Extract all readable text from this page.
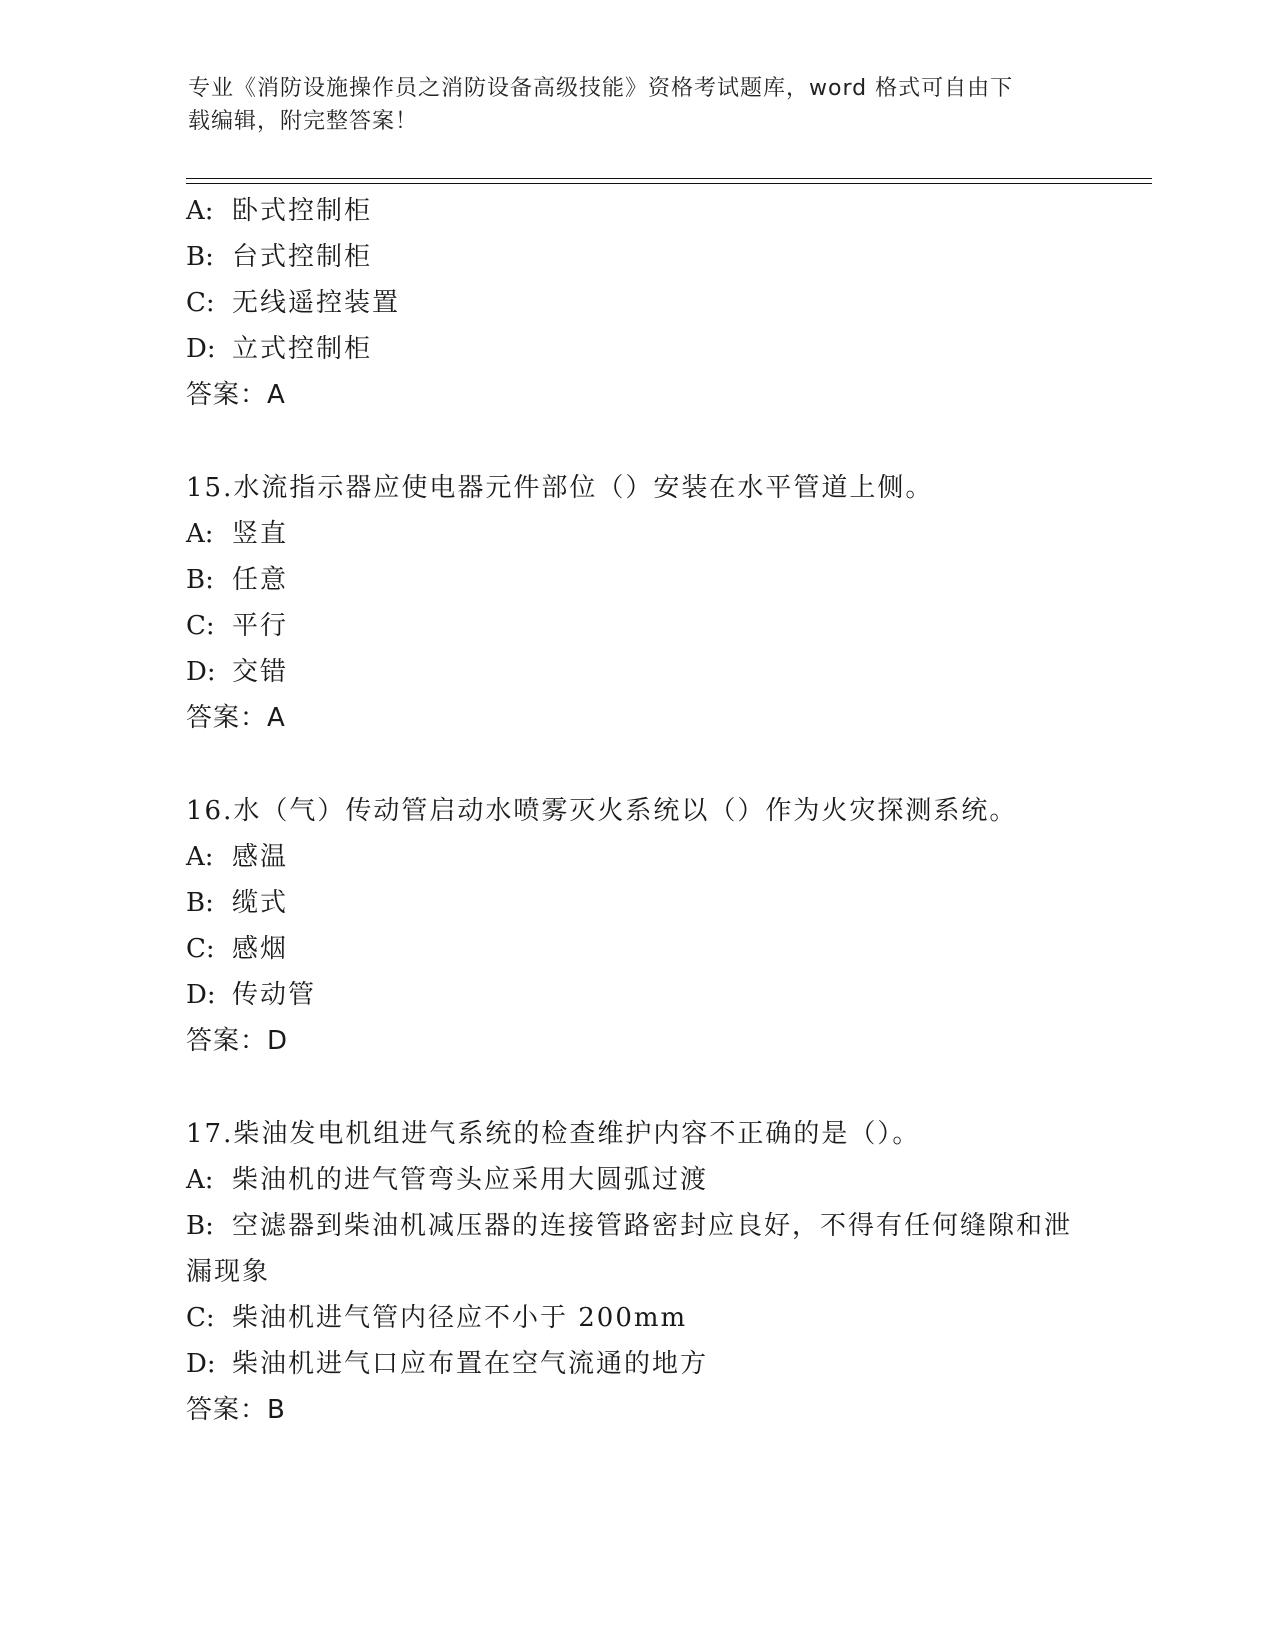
专业《消防设施操作员之消防设备高级技能》资格考试题库，word 格式可自由下
载编辑，附完整答案！
A: 卧式控制柜
B: 台式控制柜
C: 无线遥控装置
D: 立式控制柜
答案：A
15.水流指示器应使电器元件部位（）安装在水平管道上侧。
A: 竖直
B: 任意
C: 平行
D: 交错
答案：A
16.水（气）传动管启动水喷雾灭火系统以（）作为火灾探测系统。
A: 感温
B: 缆式
C: 感烟
D: 传动管
答案：D
17.柴油发电机组进气系统的检查维护内容不正确的是（）。
A: 柴油机的进气管弯头应采用大圆弧过渡
B: 空滤器到柴油机减压器的连接管路密封应良好，不得有任何缝隙和泄漏现象
C: 柴油机进气管内径应不小于 200mm
D: 柴油机进气口应布置在空气流通的地方
答案：B
